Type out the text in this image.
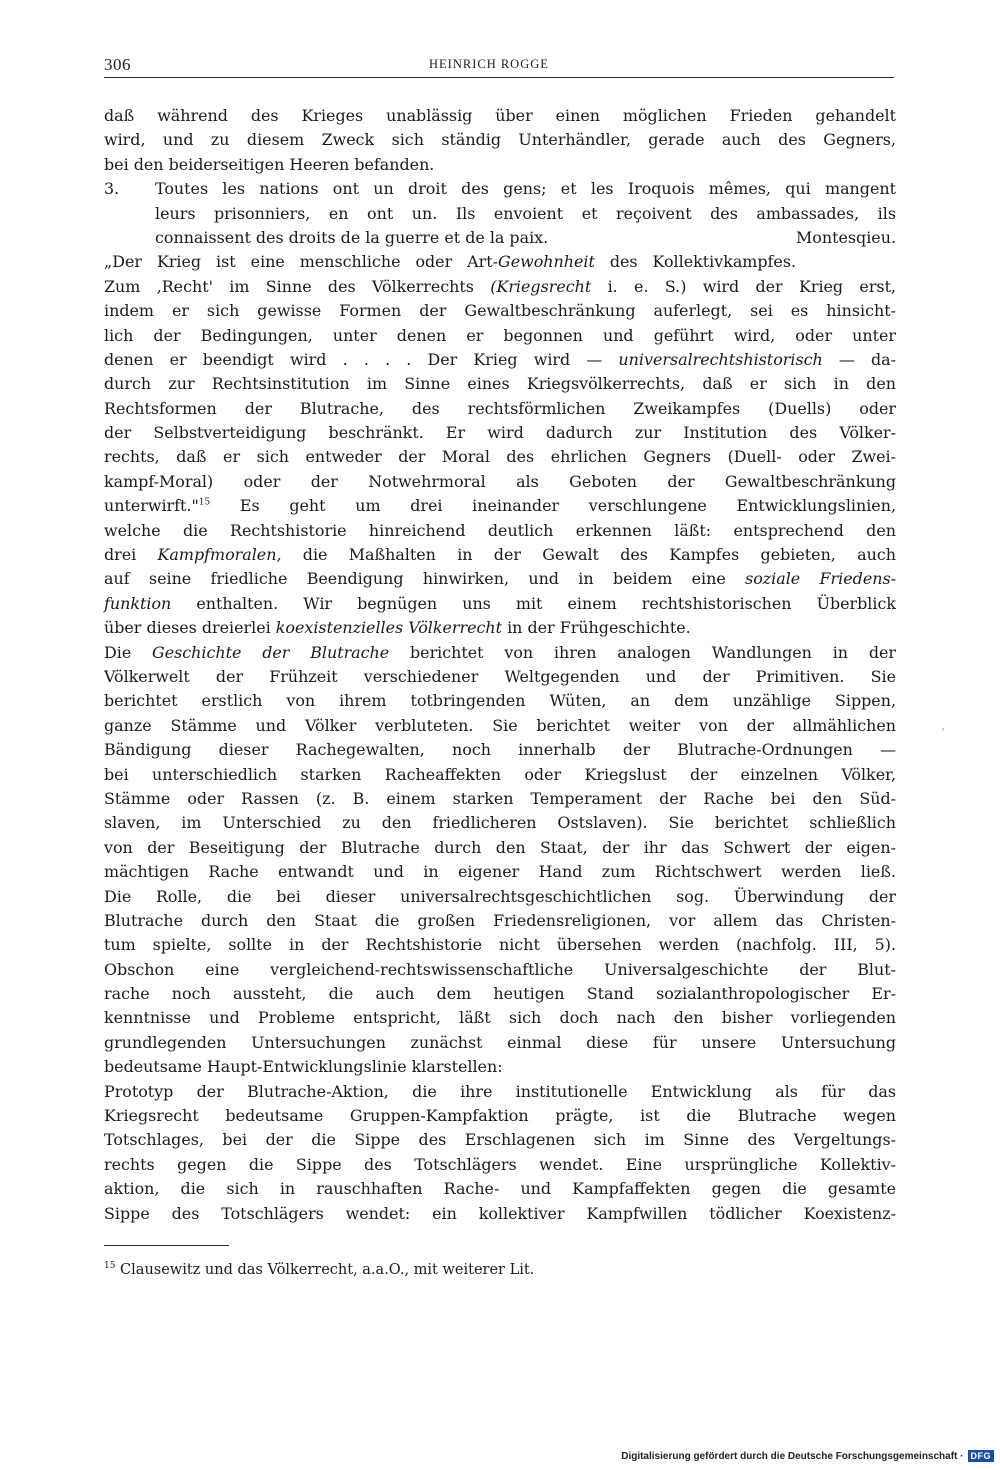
306	HEINRICH ROGGE
daß während des Krieges unablässig über einen möglichen Frieden gehandelt
wird, und zu diesem Zweck sich ständig Unterhändler, gerade auch des Gegners,
bei den beiderseitigen Heeren befanden.
3. Toutes les nations ont un droit des gens; et les Iroquois mêmes, qui mangent
leurs prisonniers, en ont un. Ils envoient et reçoivent des ambassades, ils
connaissent des droits de la guerre et de la paix.	Montesqieu.
„Der Krieg ist eine menschliche oder Art-Gewohnheit des Kollektivkampfes.
Zum ‚Recht' im Sinne des Völkerrechts (Kriegsrecht i. e. S.) wird der Krieg erst,
indem er sich gewisse Formen der Gewaltbeschränkung auferlegt, sei es hinsicht-
lich der Bedingungen, unter denen er begonnen und geführt wird, oder unter
denen er beendigt wird . . . . Der Krieg wird — universalrechtshistorisch — da-
durch zur Rechtsinstitution im Sinne eines Kriegsvölkerrechts, daß er sich in den
Rechtsformen der Blutrache, des rechtsförmlichen Zweikampfes (Duells) oder
der Selbstverteidigung beschränkt. Er wird dadurch zur Institution des Völker-
rechts, daß er sich entweder der Moral des ehrlichen Gegners (Duell- oder Zwei-
kampf-Moral) oder der Notwehrmoral als Geboten der Gewaltbeschränkung
unterwirft."$^{15}$ Es geht um drei ineinander verschlungene Entwicklungslinien,
welche die Rechtshistorie hinreichend deutlich erkennen läßt: entsprechend den
drei Kampfmoralen, die Maßhalten in der Gewalt des Kampfes gebieten, auch
auf seine friedliche Beendigung hinwirken, und in beidem eine soziale Friedens-
funktion enthalten. Wir begnügen uns mit einem rechtshistorischen Überblick
über dieses dreierlei koexistenzielles Völkerrecht in der Frühgeschichte.
Die Geschichte der Blutrache berichtet von ihren analogen Wandlungen in der
Völkerwelt der Frühzeit verschiedener Weltgegenden und der Primitiven. Sie
berichtet erstlich von ihrem totbringenden Wüten, an dem unzählige Sippen,
ganze Stämme und Völker verbluteten. Sie berichtet weiter von der allmählichen
Bändigung dieser Rachegewalten, noch innerhalb der Blutrache-Ordnungen —
bei unterschiedlich starken Racheaffekten oder Kriegslust der einzelnen Völker,
Stämme oder Rassen (z. B. einem starken Temperament der Rache bei den Süd-
slaven, im Unterschied zu den friedlicheren Ostslaven). Sie berichtet schließlich
von der Beseitigung der Blutrache durch den Staat, der ihr das Schwert der eigen-
mächtigen Rache entwandt und in eigener Hand zum Richtschwert werden ließ.
Die Rolle, die bei dieser universalrechtsgeschichtlichen sog. Überwindung der
Blutrache durch den Staat die großen Friedensreligionen, vor allem das Christen-
tum spielte, sollte in der Rechtshistorie nicht übersehen werden (nachfolg. III, 5).
Obschon eine vergleichend-rechtswissenschaftliche Universalgeschichte der Blut-
rache noch aussteht, die auch dem heutigen Stand sozialanthropologischer Er-
kenntnisse und Probleme entspricht, läßt sich doch nach den bisher vorliegenden
grundlegenden Untersuchungen zunächst einmal diese für unsere Untersuchung
bedeutsame Haupt-Entwicklungslinie klarstellen:
Prototyp der Blutrache-Aktion, die ihre institutionelle Entwicklung als für das
Kriegsrecht bedeutsame Gruppen-Kampfaktion prägte, ist die Blutrache wegen
Totschlages, bei der die Sippe des Erschlagenen sich im Sinne des Vergeltungs-
rechts gegen die Sippe des Totschlägers wendet. Eine ursprüngliche Kollektiv-
aktion, die sich in rauschhaften Rache- und Kampfaffekten gegen die gesamte
Sippe des Totschlägers wendet: ein kollektiver Kampfwillen tödlicher Koexistenz-
′
$^{15}$ Clausewitz und das Völkerrecht, a.a.O., mit weiterer Lit.
Digitalisierung gefördert durch die Deutsche Forschungsgemeinschaft · DFG
